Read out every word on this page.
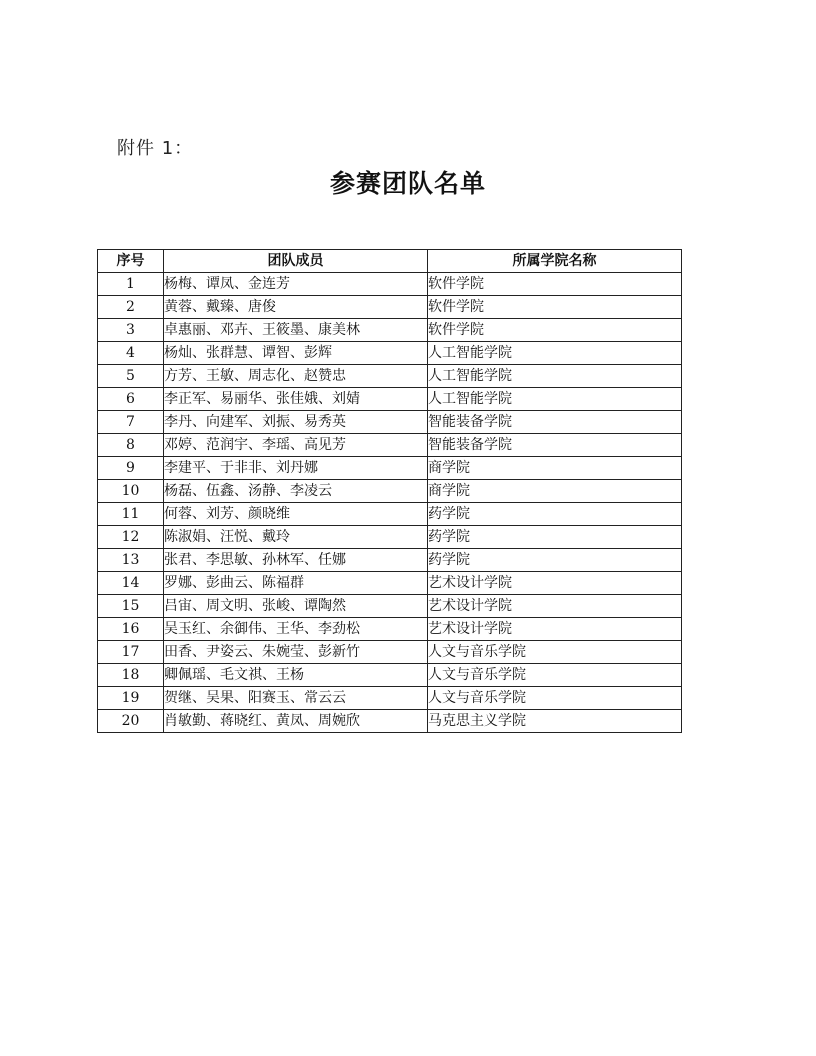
附件 1：
参赛团队名单
序号	团队成员	所属学院名称
1	杨梅、谭凤、金连芳	软件学院
2	黄蓉、戴臻、唐俊	软件学院
3	卓惠丽、邓卉、王筱墨、康美林	软件学院
4	杨灿、张群慧、谭智、彭辉	人工智能学院
5	方芳、王敏、周志化、赵赞忠	人工智能学院
6	李正军、易丽华、张佳娥、刘婧	人工智能学院
7	李丹、向建军、刘振、易秀英	智能装备学院
8	邓婷、范润宇、李瑶、高见芳	智能装备学院
9	李建平、于非非、刘丹娜	商学院
10	杨磊、伍鑫、汤静、李凌云	商学院
11	何蓉、刘芳、颜晓维	药学院
12	陈淑娟、汪悦、戴玲	药学院
13	张君、李思敏、孙林军、任娜	药学院
14	罗娜、彭曲云、陈福群	艺术设计学院
15	吕宙、周文明、张峻、谭陶然	艺术设计学院
16	吴玉红、余御伟、王华、李劲松	艺术设计学院
17	田香、尹姿云、朱婉莹、彭新竹	人文与音乐学院
18	卿佩瑶、毛文祺、王杨	人文与音乐学院
19	贺继、吴果、阳赛玉、常云云	人文与音乐学院
20	肖敏勤、蒋晓红、黄凤、周婉欣	马克思主义学院
